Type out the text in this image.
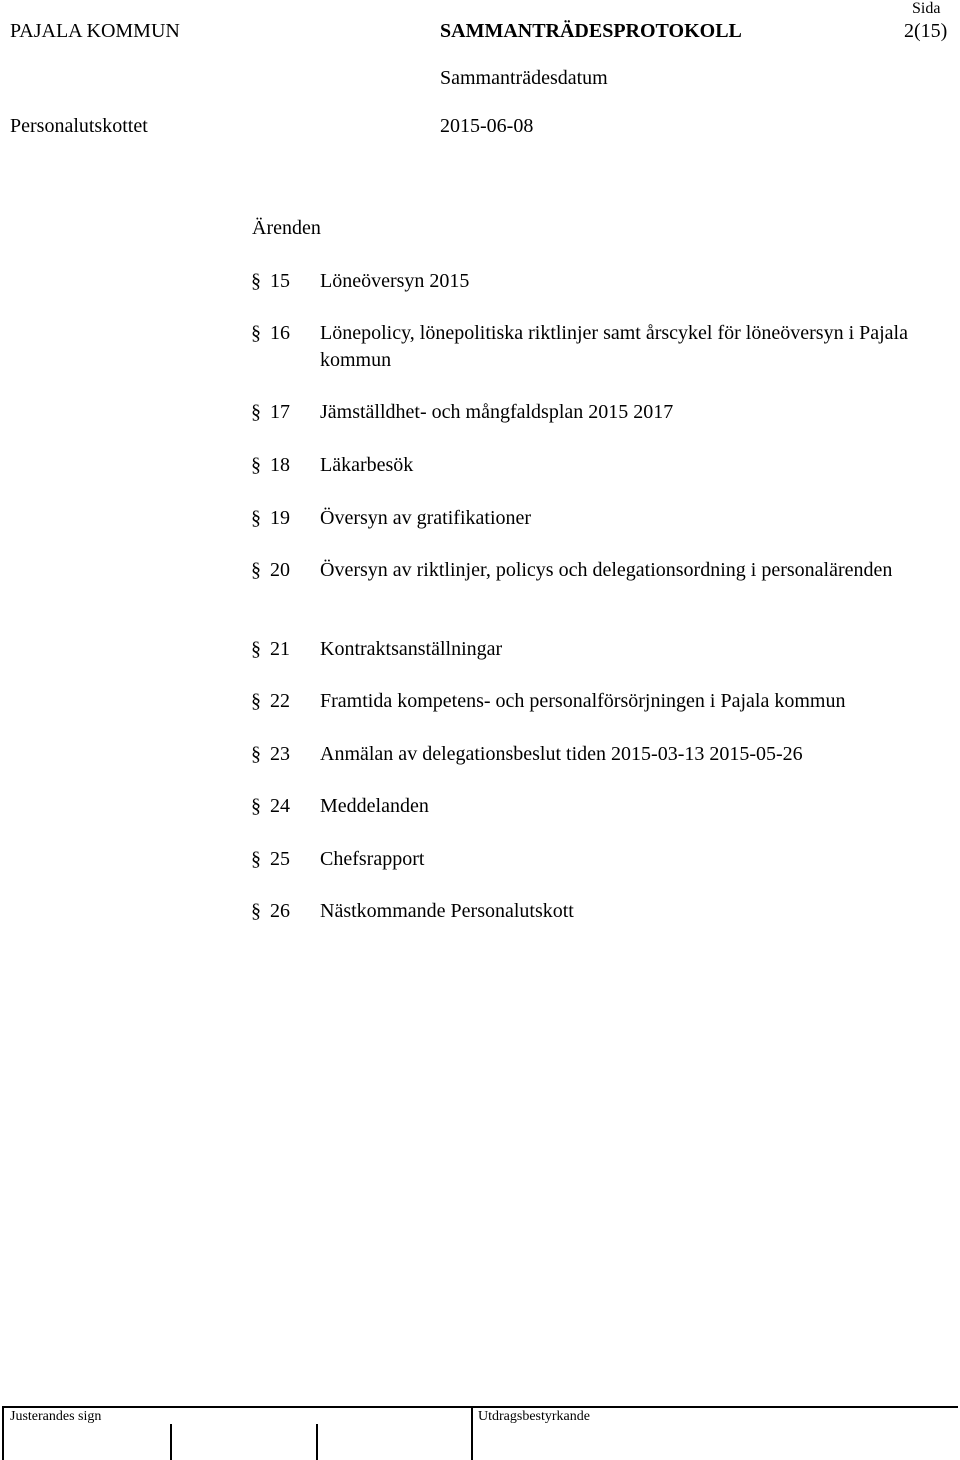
PAJALA KOMMUN	SAMMANTRÄDESPROTOKOLL
Sida
2(15)
Sammanträdesdatum
Personalutskottet	2015-06-08
Ärenden
§ 15 Löneöversyn 2015
§ 16 Lönepolicy, lönepolitiska riktlinjer samt årscykel för löneöversyn i Pajala kommun
§ 17 Jämställdhet- och mångfaldsplan 2015 2017
§ 18 Läkarbesök
§ 19 Översyn av gratifikationer
§ 20 Översyn av riktlinjer, policys och delegationsordning i personalärenden
§ 21 Kontraktsanställningar
§ 22 Framtida kompetens- och personalförsörjningen i Pajala kommun
§ 23 Anmälan av delegationsbeslut tiden 2015-03-13 2015-05-26
§ 24 Meddelanden
§ 25 Chefsrapport
§ 26 Nästkommande Personalutskott
Justerandes sign	Utdragsbestyrkande
